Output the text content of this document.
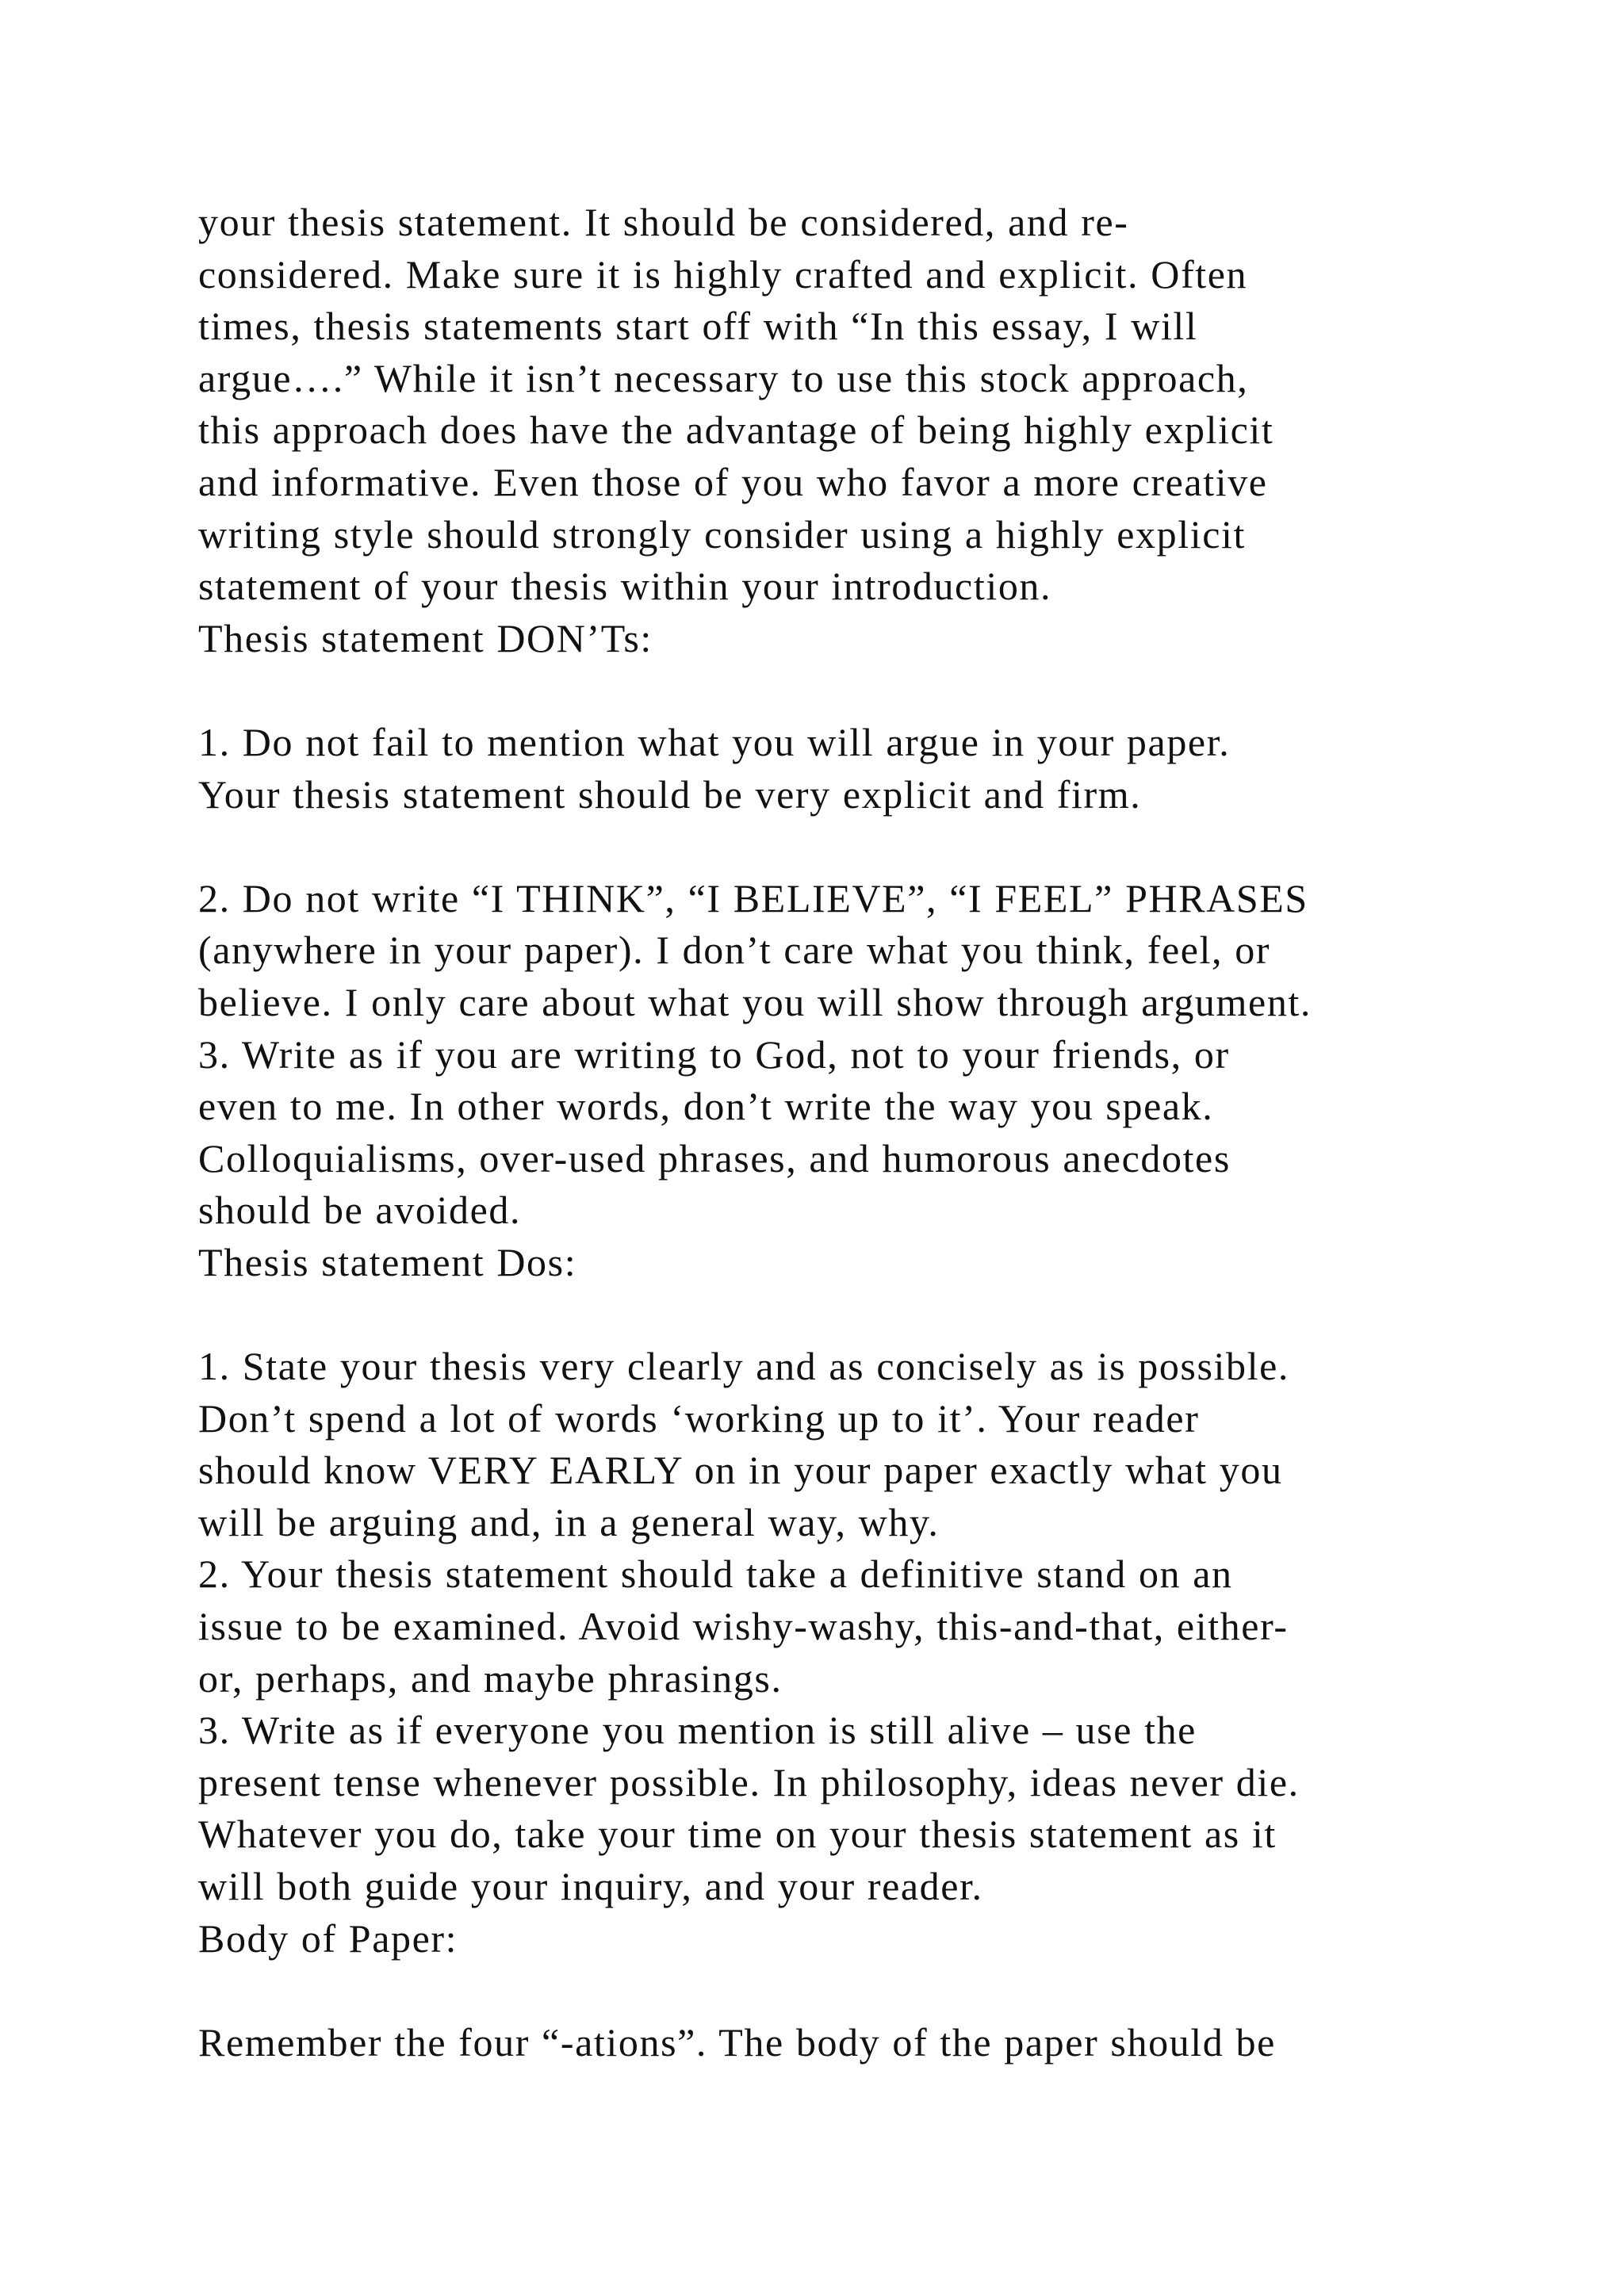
your thesis statement. It should be considered, and re-
considered. Make sure it is highly crafted and explicit. Often
times, thesis statements start off with “In this essay, I will
argue….” While it isn’t necessary to use this stock approach,
this approach does have the advantage of being highly explicit
and informative. Even those of you who favor a more creative
writing style should strongly consider using a highly explicit
statement of your thesis within your introduction.
Thesis statement DON’Ts:
1. Do not fail to mention what you will argue in your paper.
Your thesis statement should be very explicit and firm.
2. Do not write “I THINK”, “I BELIEVE”, “I FEEL” PHRASES
(anywhere in your paper). I don’t care what you think, feel, or
believe. I only care about what you will show through argument.
3. Write as if you are writing to God, not to your friends, or
even to me. In other words, don’t write the way you speak.
Colloquialisms, over-used phrases, and humorous anecdotes
should be avoided.
Thesis statement Dos:
1. State your thesis very clearly and as concisely as is possible.
Don’t spend a lot of words ‘working up to it’. Your reader
should know VERY EARLY on in your paper exactly what you
will be arguing and, in a general way, why.
2. Your thesis statement should take a definitive stand on an
issue to be examined. Avoid wishy-washy, this-and-that, either-
or, perhaps, and maybe phrasings.
3. Write as if everyone you mention is still alive – use the
present tense whenever possible. In philosophy, ideas never die.
Whatever you do, take your time on your thesis statement as it
will both guide your inquiry, and your reader.
Body of Paper:
Remember the four “-ations”. The body of the paper should be
